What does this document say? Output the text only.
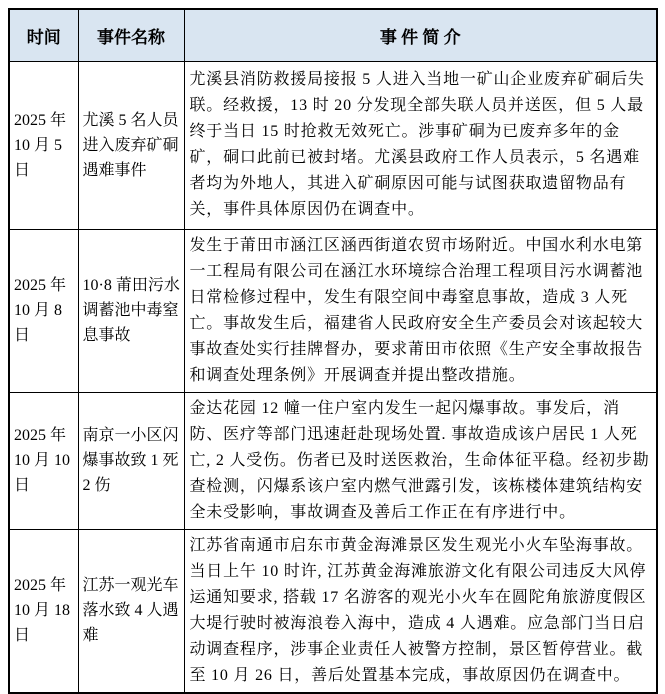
时间	事件名称	事 件 简 介
2025 年 10 月 5 日	尤溪 5 名人员进入废弃矿硐遇难事件	尤溪县消防救援局接报 5 人进入当地一矿山企业废弃矿硐后失联。经救援，13 时 20 分发现全部失联人员并送医，但 5 人最终于当日 15 时抢救无效死亡。涉事矿硐为已废弃多年的金矿，硐口此前已被封堵。尤溪县政府工作人员表示，5 名遇难者均为外地人，其进入矿硐原因可能与试图获取遗留物品有关，事件具体原因仍在调查中。
2025 年 10 月 8 日	10·8 莆田污水调蓄池中毒窒息事故	发生于莆田市涵江区涵西街道农贸市场附近。中国水利水电第一工程局有限公司在涵江水环境综合治理工程项目污水调蓄池日常检修过程中，发生有限空间中毒窒息事故，造成 3 人死亡。事故发生后，福建省人民政府安全生产委员会对该起较大事故查处实行挂牌督办，要求莆田市依照《生产安全事故报告和调查处理条例》开展调查并提出整改措施。
2025 年 10 月 10 日	南京一小区闪爆事故致 1 死 2 伤	金达花园 12 幢一住户室内发生一起闪爆事故。事发后，消防、医疗等部门迅速赶赴现场处置. 事故造成该户居民 1 人死亡, 2 人受伤。伤者已及时送医救治，生命体征平稳。经初步勘查检测，闪爆系该户室内燃气泄露引发，该栋楼体建筑结构安全未受影响，事故调查及善后工作正在有序进行中。
2025 年 10 月 18 日	江苏一观光车落水致 4 人遇难	江苏省南通市启东市黄金海滩景区发生观光小火车坠海事故。当日上午 10 时许, 江苏黄金海滩旅游文化有限公司违反大风停运通知要求, 搭载 17 名游客的观光小火车在圆陀角旅游度假区大堤行驶时被海浪卷入海中，造成 4 人遇难。应急部门当日启动调查程序，涉事企业责任人被警方控制，景区暂停营业。截至 10 月 26 日，善后处置基本完成，事故原因仍在调查中。
